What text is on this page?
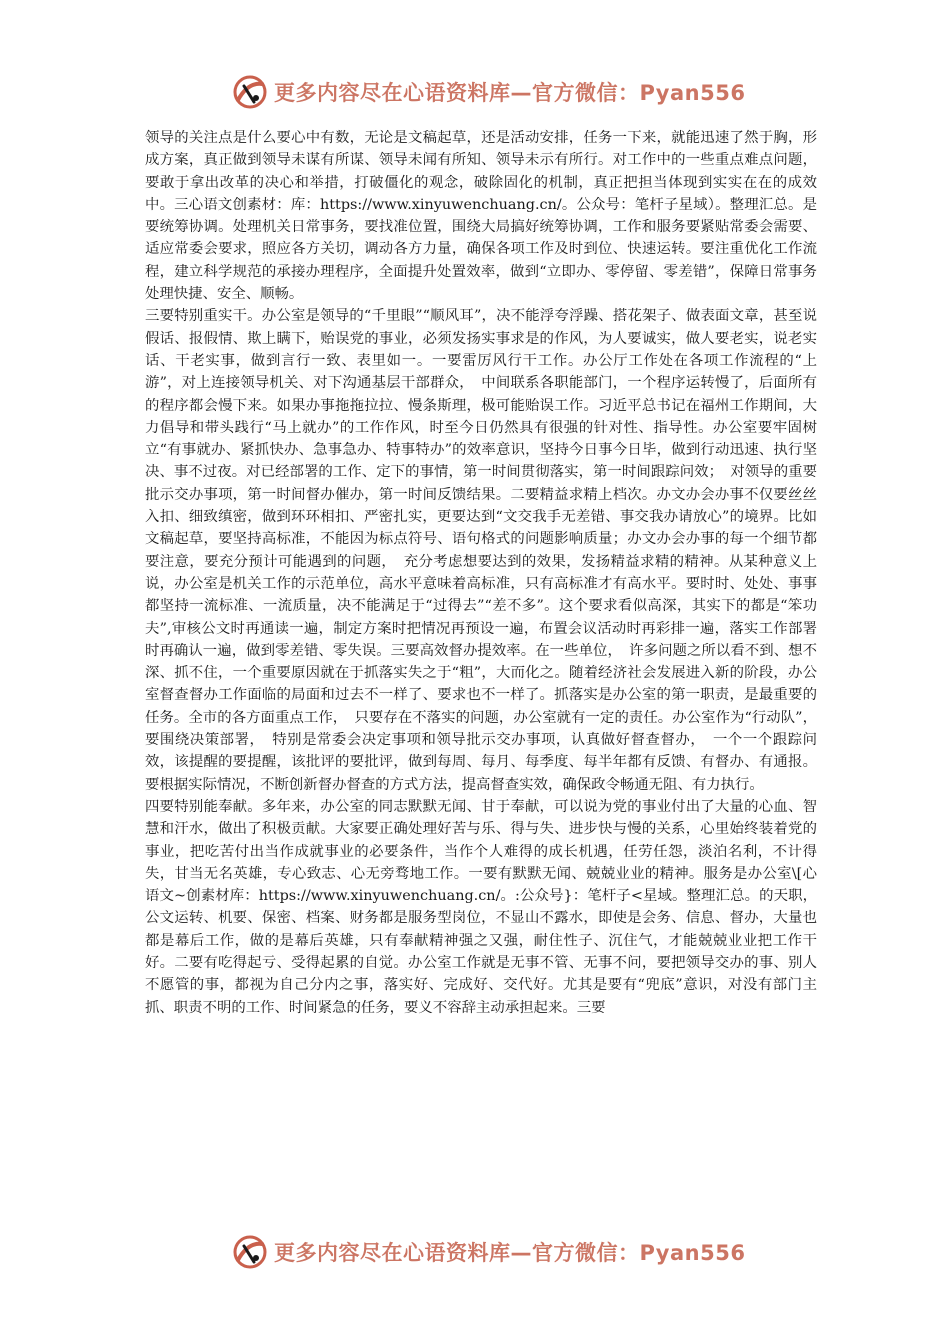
更多内容尽在心语资料库—官方微信：Pyan556

领导的关注点是什么要心中有数，无论是文稿起草，还是活动安排，任务一下来，就能迅速了然于胸，形成方案，真正做到领导未谋有所谋、领导未闻有所知、领导未示有所行。对工作中的一些重点难点问题，要敢于拿出改革的决心和举措，打破僵化的观念，破除固化的机制，真正把担当体现到实实在在的成效中。三心语文创素材：库：https://www.xinyuwenchuang.cn/。公众号：笔杆子星域）。整理汇总。是要统筹协调。处理机关日常事务，要找准位置，围绕大局搞好统筹协调，工作和服务要紧贴常委会需要、适应常委会要求，照应各方关切，调动各方力量，确保各项工作及时到位、快速运转。要注重优化工作流程，建立科学规范的承接办理程序，全面提升处置效率，做到“立即办、零停留、零差错”，保障日常事务处理快捷、安全、顺畅。

三要特别重实干。办公室是领导的“千里眼”“顺风耳”，决不能浮夸浮躁、搭花架子、做表面文章，甚至说假话、报假情、欺上瞒下，贻误党的事业，必须发扬实事求是的作风，为人要诚实，做人要老实，说老实话、干老实事，做到言行一致、表里如一。一要雷厉风行干工作。办公厅工作处在各项工作流程的“上游”，对上连接领导机关、对下沟通基层干部群众，　中间联系各职能部门，一个程序运转慢了，后面所有的程序都会慢下来。如果办事拖拖拉拉、慢条斯理，极可能贻误工作。习近平总书记在福州工作期间，大力倡导和带头践行“马上就办”的工作作风，时至今日仍然具有很强的针对性、指导性。办公室要牢固树立“有事就办、紧抓快办、急事急办、特事特办”的效率意识，坚持今日事今日毕，做到行动迅速、执行坚决、事不过夜。对已经部署的工作、定下的事情，第一时间贯彻落实，第一时间跟踪问效；　对领导的重要批示交办事项，第一时间督办催办，第一时间反馈结果。二要精益求精上档次。办文办会办事不仅要丝丝入扣、细致缜密，做到环环相扣、严密扎实，更要达到“文交我手无差错、事交我办请放心”的境界。比如文稿起草，要坚持高标准，不能因为标点符号、语句格式的问题影响质量；办文办会办事的每一个细节都要注意，要充分预计可能遇到的问题，　充分考虑想要达到的效果，发扬精益求精的精神。从某种意义上说，办公室是机关工作的示范单位，高水平意味着高标准，只有高标准才有高水平。要时时、处处、事事都坚持一流标准、一流质量，决不能满足于“过得去”“差不多”。这个要求看似高深，其实下的都是“笨功夫”,审核公文时再通读一遍，制定方案时把情况再预设一遍，布置会议活动时再彩排一遍，落实工作部署时再确认一遍，做到零差错、零失误。三要高效督办提效率。在一些单位，　许多问题之所以看不到、想不深、抓不住，一个重要原因就在于抓落实失之于“粗”，大而化之。随着经济社会发展进入新的阶段，办公室督查督办工作面临的局面和过去不一样了、要求也不一样了。抓落实是办公室的第一职责，是最重要的任务。全市的各方面重点工作，　只要存在不落实的问题，办公室就有一定的责任。办公室作为“行动队”，要围绕决策部署，　特别是常委会决定事项和领导批示交办事项，认真做好督查督办，　一个一个跟踪问效，该提醒的要提醒，该批评的要批评，做到每周、每月、每季度、每半年都有反馈、有督办、有通报。要根据实际情况，不断创新督办督查的方式方法，提高督查实效，确保政令畅通无阻、有力执行。

四要特别能奉献。多年来，办公室的同志默默无闻、甘于奉献，可以说为党的事业付出了大量的心血、智慧和汗水，做出了积极贡献。大家要正确处理好苦与乐、得与失、进步快与慢的关系，心里始终装着党的事业，把吃苦付出当作成就事业的必要条件，当作个人难得的成长机遇，任劳任怨，淡泊名利，不计得失，甘当无名英雄，专心致志、心无旁骛地工作。一要有默默无闻、兢兢业业的精神。服务是办公室\[心语文~创素材库：https://www.xinyuwenchuang.cn/。:公众号}：笔杆子<星域。整理汇总。的天职，公文运转、机要、保密、档案、财务都是服务型岗位，不显山不露水，即使是会务、信息、督办，大量也都是幕后工作，做的是幕后英雄，只有奉献精神强之又强，耐住性子、沉住气，才能兢兢业业把工作干好。二要有吃得起亏、受得起累的自觉。办公室工作就是无事不管、无事不问，要把领导交办的事、别人不愿管的事，都视为自己分内之事，落实好、完成好、交代好。尤其是要有“兜底”意识，对没有部门主抓、职责不明的工作、时间紧急的任务，要义不容辞主动承担起来。三要

更多内容尽在心语资料库—官方微信：Pyan556
